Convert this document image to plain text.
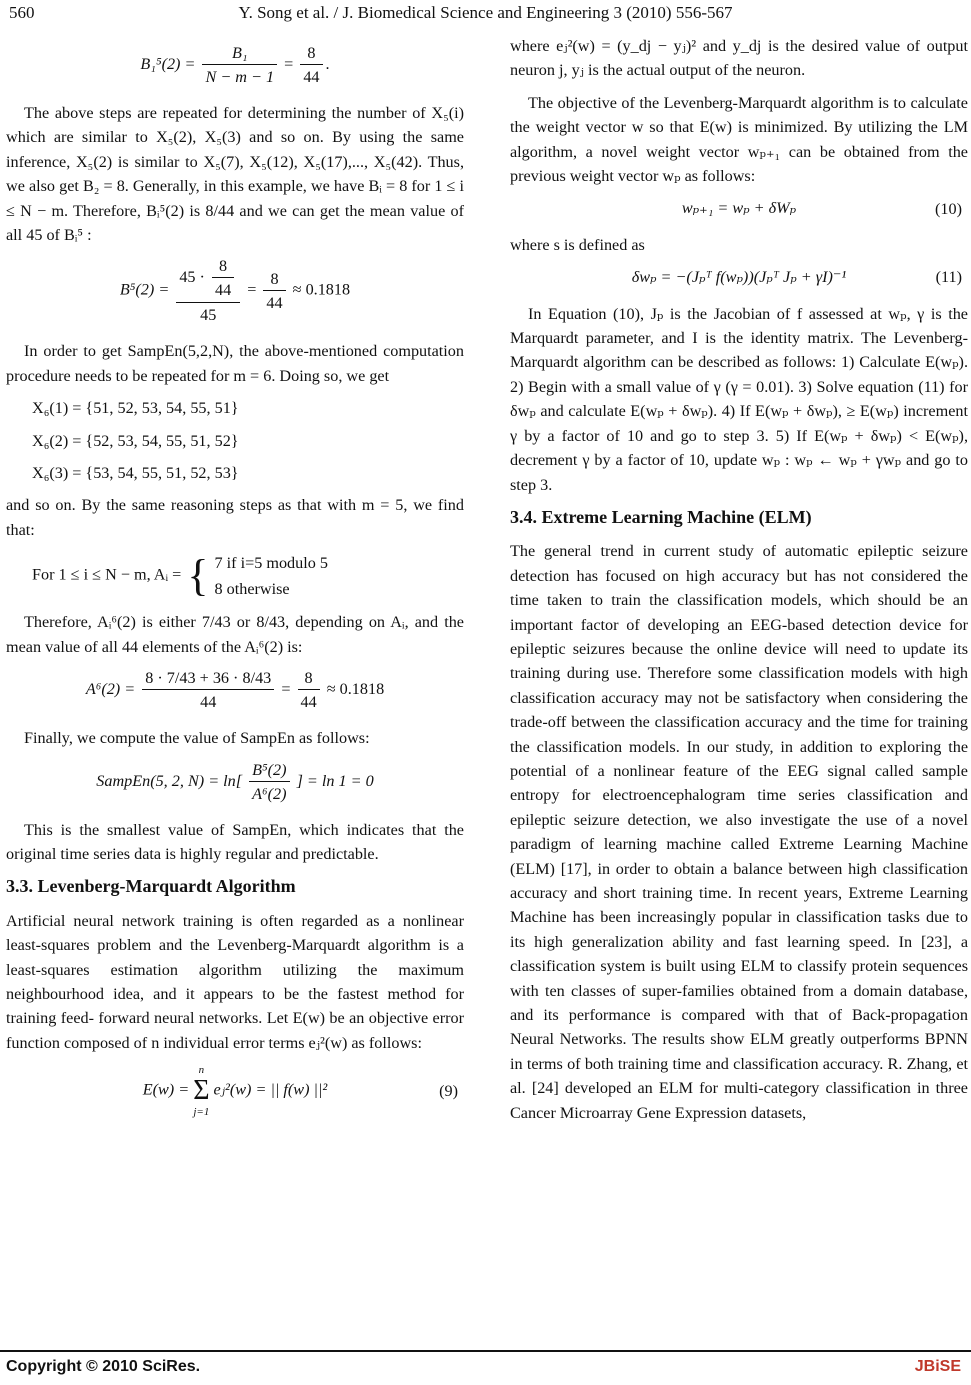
560	Y. Song et al. / J. Biomedical Science and Engineering 3 (2010) 556-567
$B_1^5(2) = \frac{\text{B₁}}{N - m - 1} = \frac{8}{44}$ .

The above steps are repeated for determining the number of X₅(i) which are similar to X₅(2), X₅(3) and so on. By using the same inference, X₅(2) is similar to X₅(7), X₅(12), X₅(17),..., X₅(42). Thus, we also get B₂ = 8. Generally, in this example, we have Bᵢ = 8 for 1 ≤ i ≤ N − m. Therefore, Bᵢ⁵(2) is 8/44 and we can get the mean value of all 45 of Bᵢ⁵ :

$B^5(2) = \frac{45 \cdot \frac{8}{44}}{45} = \frac{8}{44} \approx 0.1818$

In order to get SampEn(5,2,N), the above-mentioned computation procedure needs to be repeated for m = 6. Doing so, we get

X₆(1) = {51, 52, 53, 54, 55, 51}
X₆(2) = {52, 53, 54, 55, 51, 52}
X₆(3) = {53, 54, 55, 51, 52, 53}

and so on. By the same reasoning steps as that with m = 5, we find that:

For 1 ≤ i ≤ N − m, Aᵢ = { 7 if i=5 modulo 5
8 otherwise

Therefore, Aᵢ⁶(2) is either 7/43 or 8/43, depending on Aᵢ, and the mean value of all 44 elements of the Aᵢ⁶(2) is:

$A^6(2) = \frac{8 \cdot 7/43 + 36 \cdot 8/43}{44} = \frac{8}{44} \approx 0.1818$

Finally, we compute the value of SampEn as follows:

SampEn(5, 2, $N) = \ln[ \frac{\text{B⁵(2)}}{\text{A⁶(2)}}$ ] = ln 1 = 0

This is the smallest value of SampEn, which indicates that the original time series data is highly regular and predictable.

3.3. Levenberg-Marquardt Algorithm

Artificial neural network training is often regarded as a nonlinear least-squares problem and the Levenberg-Marquardt algorithm is a least-squares estimation algorithm utilizing the maximum neighbourhood idea, and it appears to be the fastest method for training feed- forward neural networks. Let E(w) be an objective error function composed of n individual error terms eⱼ²(w) as follows:

E(w) =
n
Σ
j=1
eⱼ²(w) = || f(w) ||²	(9)

where eⱼ²(w) = (y_dj − yⱼ)² and y_dj is the desired value of output neuron j, yⱼ is the actual output of the neuron.

The objective of the Levenberg-Marquardt algorithm is to calculate the weight vector w so that E(w) is minimized. By utilizing the LM algorithm, a novel weight vector wₚ₊₁ can be obtained from the previous weight vector wₚ as follows:

wₚ₊₁ = wₚ + δWₚ	(10)

where s is defined as

δwₚ = −(Jₚᵀ f(wₚ))(Jₚᵀ Jₚ + γI)⁻¹	(11)

In Equation (10), Jₚ is the Jacobian of f assessed at wₚ, γ is the Marquardt parameter, and I is the identity matrix. The Levenberg-Marquardt algorithm can be described as follows: 1) Calculate E(wₚ). 2) Begin with a small value of γ (γ = 0.01). 3) Solve equation (11) for δwₚ and calculate E(wₚ + δwₚ). 4) If E(wₚ + δwₚ), ≥ E(wₚ) increment γ by a factor of 10 and go to step 3. 5) If E(wₚ + δwₚ) < E(wₚ), decrement γ by a factor of 10, update wₚ : wₚ ← wₚ + γwₚ and go to step 3.

3.4. Extreme Learning Machine (ELM)

The general trend in current study of automatic epileptic seizure detection has focused on high accuracy but has not considered the time taken to train the classification models, which should be an important factor of developing an EEG-based detection device for epileptic seizures because the online device will need to update its training during use. Therefore some classification models with high classification accuracy may not be satisfactory when considering the trade-off between the classification accuracy and the time for training the classification models. In our study, in addition to exploring the potential of a nonlinear feature of the EEG signal called sample entropy for electroencephalogram time series classification and epileptic seizure detection, we also investigate the use of a novel paradigm of learning machine called Extreme Learning Machine (ELM) [17], in order to obtain a balance between high classification accuracy and short training time. In recent years, Extreme Learning Machine has been increasingly popular in classification tasks due to its high generalization ability and fast learning speed. In [23], a classification system is built using ELM to classify protein sequences with ten classes of super-families obtained from a domain database, and its performance is compared with that of Back-propagation Neural Networks. The results show ELM greatly outperforms BPNN in terms of both training time and classification accuracy. R. Zhang, et al. [24] developed an ELM for multi-category classification in three Cancer Microarray Gene Expression datasets,

Copyright © 2010 SciRes.	JBiSE
